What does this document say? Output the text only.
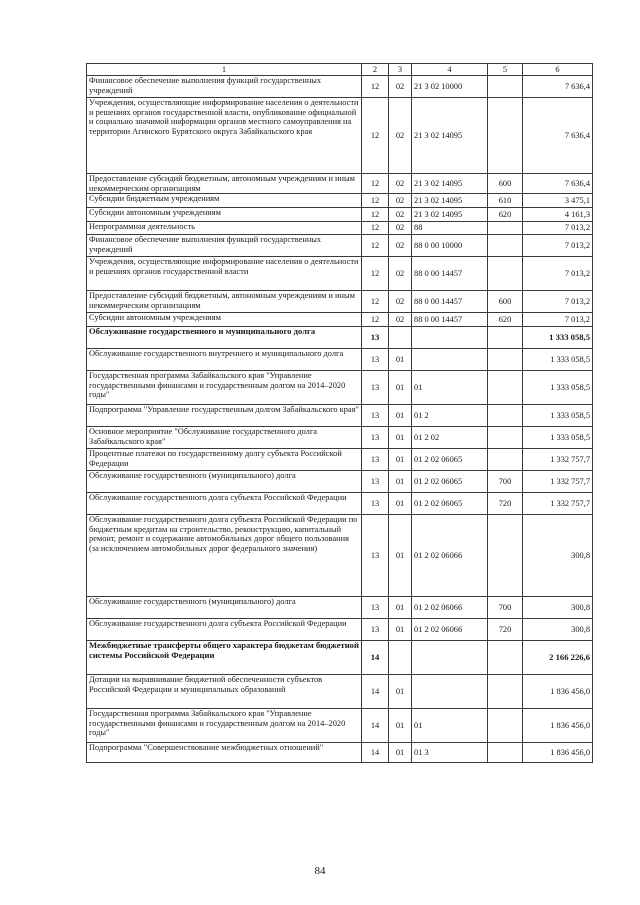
1	2	3	4	5	6
Финансовое обеспечение выполнения функций государственных учреждений	12	02	21 3 02 10000		7 636,4
Учреждения, осуществляющие информирование населения о деятельности и решениях органов государственной власти, опубликование официальной и социально значимой информации органов местного самоуправления на территории Агинского Бурятского округа Забайкальского края	12	02	21 3 02 14095		7 636,4
Предоставление субсидий бюджетным, автономным учреждениям и иным некоммерческим организациям	12	02	21 3 02 14095	600	7 636,4
Субсидии бюджетным учреждениям	12	02	21 3 02 14095	610	3 475,1
Субсидии автономным учреждениям	12	02	21 3 02 14095	620	4 161,3
Непрограммная деятельность	12	02	88		7 013,2
Финансовое обеспечение выполнения функций государственных учреждений	12	02	88 0 00 10000		7 013,2
Учреждения, осуществляющие информирование населения о деятельности и решениях органов государственной власти	12	02	88 0 00 14457		7 013,2
Предоставление субсидий бюджетным, автономным учреждениям и иным некоммерческим организациям	12	02	88 0 00 14457	600	7 013,2
Субсидии автономным учреждениям	12	02	88 0 00 14457	620	7 013,2
Обслуживание государственного и муниципального долга	13				1 333 058,5
Обслуживание государственного внутреннего и муниципального долга	13	01			1 333 058,5
Государственная программа Забайкальского края "Управление государственными финансами и государственным долгом на 2014–2020 годы"	13	01	01		1 333 058,5
Подпрограмма "Управление государственным долгом Забайкальского края"	13	01	01 2		1 333 058,5
Основное мероприятие "Обслуживание государственного долга Забайкальского края"	13	01	01 2 02		1 333 058,5
Процентные платежи по государственному долгу субъекта Российской Федерации	13	01	01 2 02 06065		1 332 757,7
Обслуживание государственного (муниципального) долга	13	01	01 2 02 06065	700	1 332 757,7
Обслуживание государственного долга субъекта Российской Федерации	13	01	01 2 02 06065	720	1 332 757,7
Обслуживание государственного долга субъекта Российской Федерации по бюджетным кредитам на строительство, реконструкцию, капитальный ремонт, ремонт и содержание автомобильных дорог общего пользования (за исключением автомобильных дорог федерального значения)	13	01	01 2 02 06066		300,8
Обслуживание государственного (муниципального) долга	13	01	01 2 02 06066	700	300,8
Обслуживание государственного долга субъекта Российской Федерации	13	01	01 2 02 06066	720	300,8
Межбюджетные трансферты общего характера бюджетам бюджетной системы Российской Федерации	14				2 166 226,6
Дотации на выравнивание бюджетной обеспеченности субъектов Российской Федерации и муниципальных образований	14	01			1 836 456,0
Государственная программа Забайкальского края "Управление государственными финансами и государственным долгом на 2014–2020 годы"	14	01	01		1 836 456,0
Подпрограмма "Совершенствование межбюджетных отношений"	14	01	01 3		1 836 456,0
84
